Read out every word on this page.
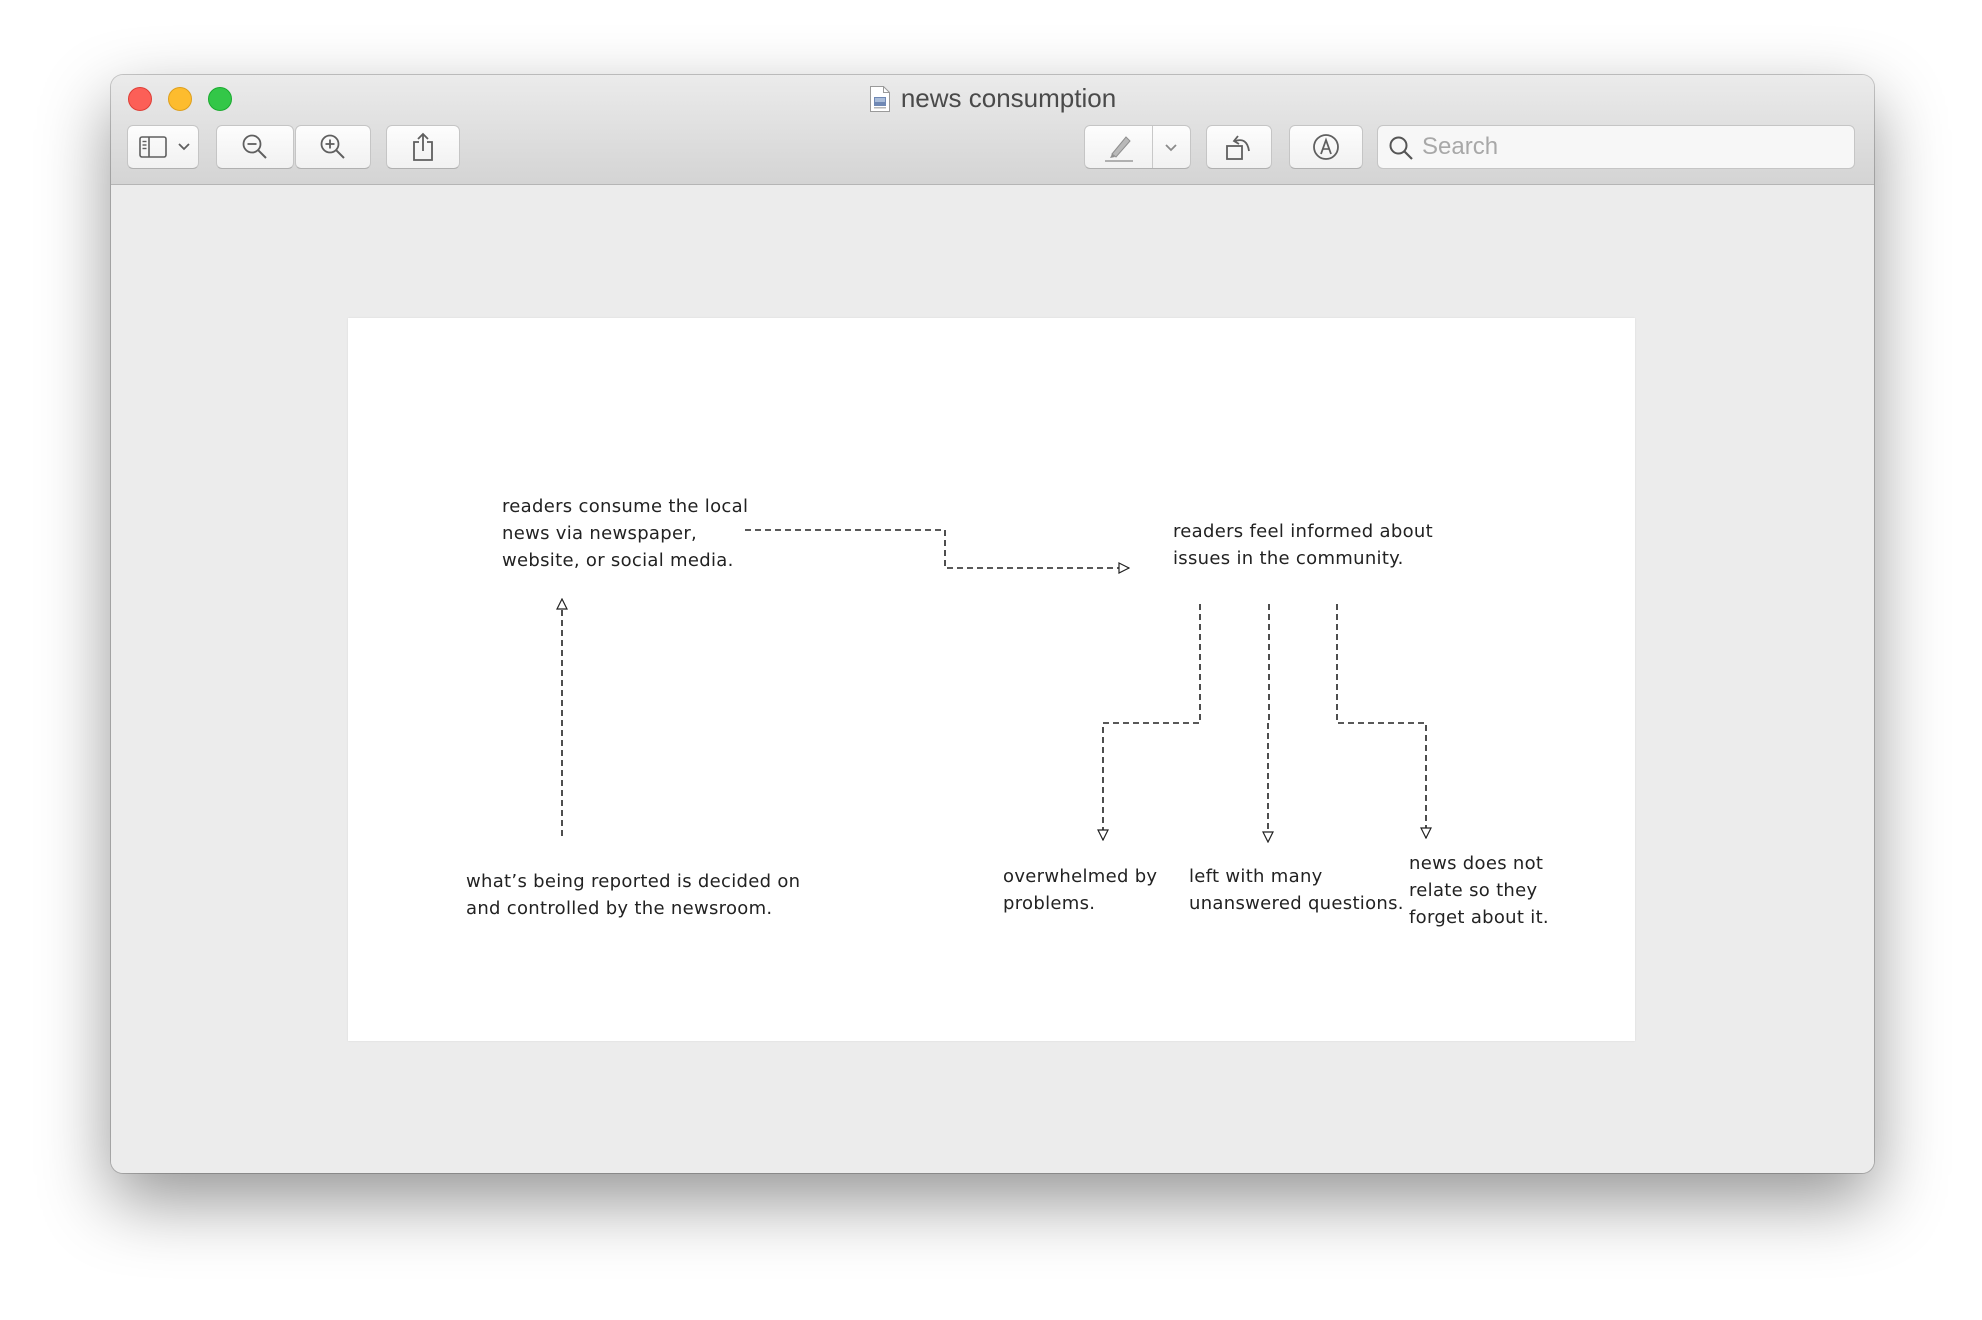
news consumption
Search

readers consume the local
news via newspaper,
website, or social media.

readers feel informed about
issues in the community.

what’s being reported is decided on
and controlled by the newsroom.

overwhelmed by
problems.

left with many
unanswered questions.

news does not
relate so they
forget about it.
